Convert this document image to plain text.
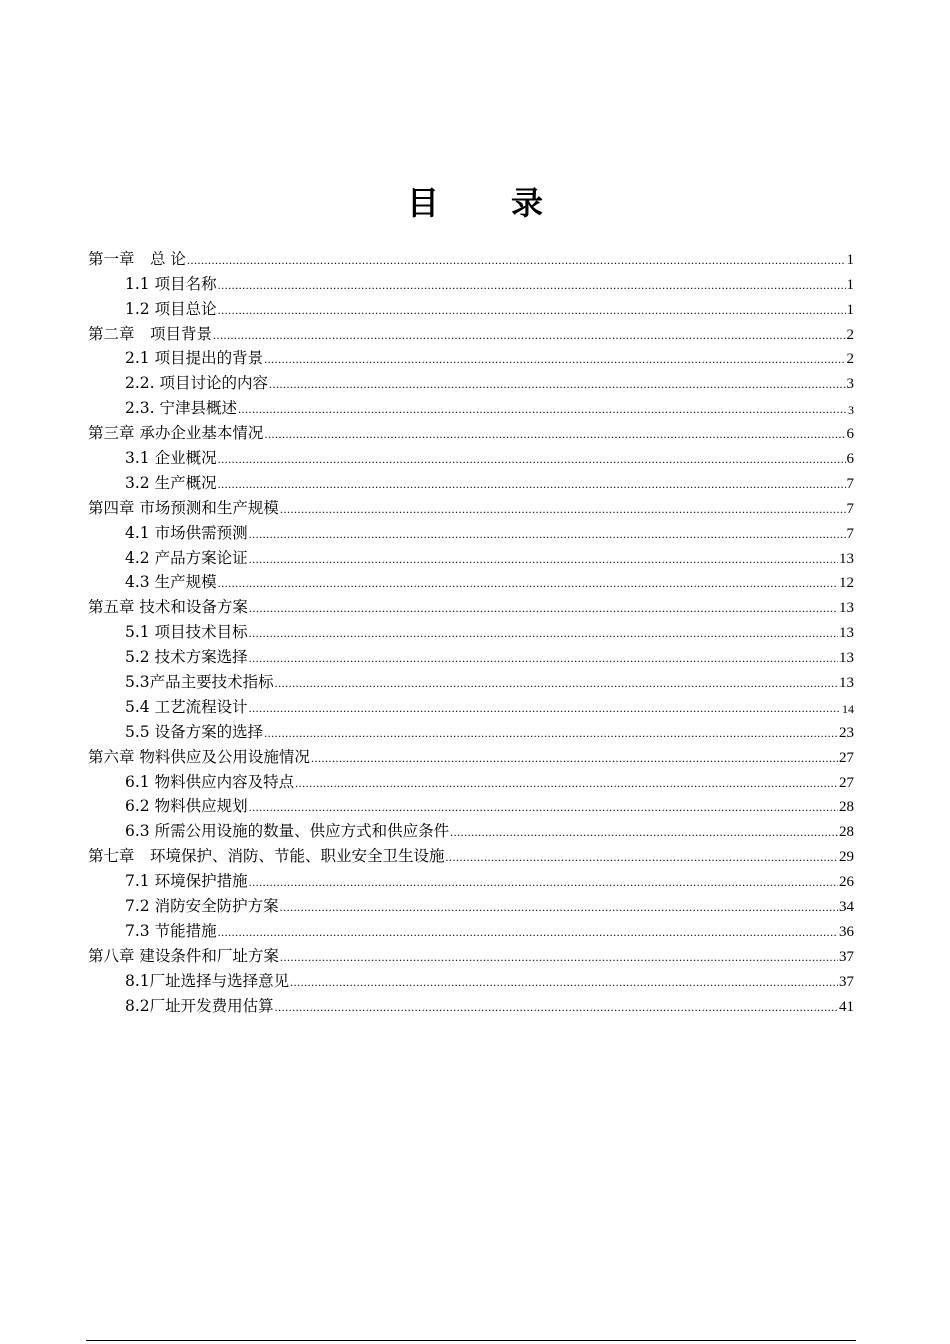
目 录
第一章　总 论 .....	1
1.1 项目名称 .....	1
1.2 项目总论 .....	1
第二章　项目背景 .....	2
2.1 项目提出的背景 .....	2
2.2. 项目讨论的内容 .....	3
2.3. 宁津县概述 .....	3
第三章 承办企业基本情况 .....	6
3.1 企业概况 .....	6
3.2 生产概况 .....	7
第四章 市场预测和生产规模 .....	7
4.1 市场供需预测 .....	7
4.2 产品方案论证 .....	13
4.3 生产规模 .....	12
第五章 技术和设备方案 .....	13
5.1 项目技术目标 .....	13
5.2 技术方案选择 .....	13
5.3产品主要技术指标 .....	13
5.4 工艺流程设计 .....	14
5.5 设备方案的选择 .....	23
第六章 物料供应及公用设施情况 .....	27
6.1 物料供应内容及特点 .....	27
6.2 物料供应规划 .....	28
6.3 所需公用设施的数量、供应方式和供应条件 .....	28
第七章　环境保护、消防、节能、职业安全卫生设施 .....	29
7.1 环境保护措施 .....	26
7.2 消防安全防护方案 .....	34
7.3 节能措施 .....	36
第八章 建设条件和厂址方案 .....	37
8.1厂址选择与选择意见 .....	37
8.2厂址开发费用估算 .....	41
